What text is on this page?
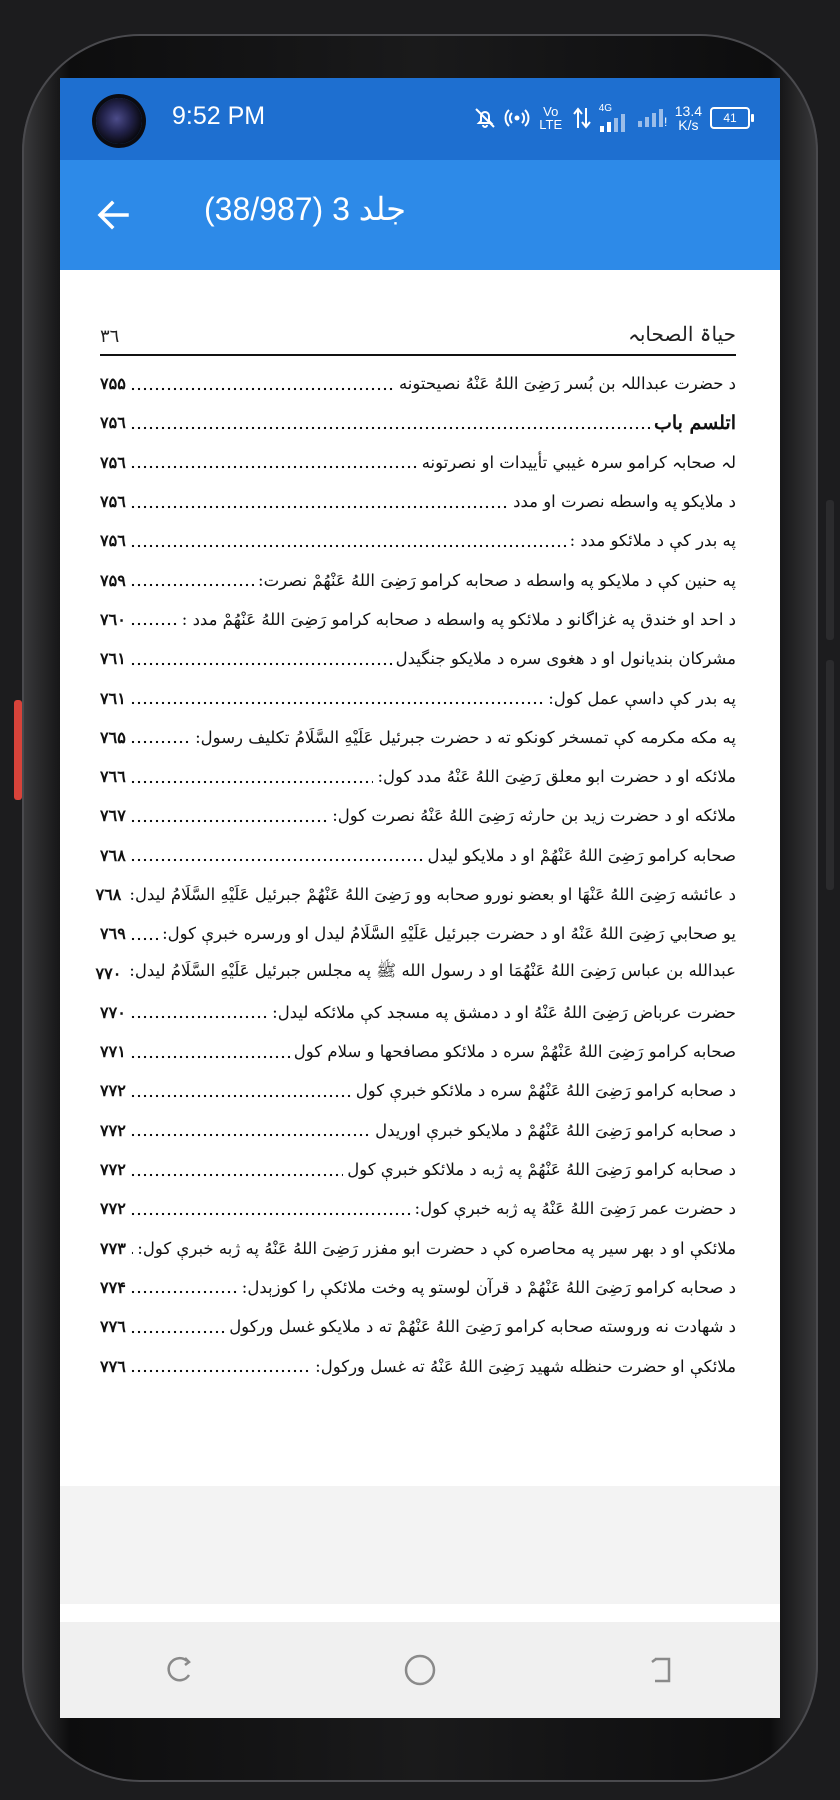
9:52 PM	Vo LTE
4G
!
13.4
K/s 41
جلد 3 (38/987)
٣٦	حیاۃ الصحابہ
د حضرت عبداللہ بن بُسر رَضِیَ اللهُ عَنْهُ نصيحتونه
۷۵۵
اتلسم باب
۷۵٦
لہ صحابہ کرامو سرہ غیبي تأییدات او نصرتونه
۷۵٦
د ملایکو په واسطه نصرت او مدد
۷۵٦
په بدر کې د ملائکو مدد :
۷۵٦
په حنین کې د ملایکو په واسطه د صحابه کرامو رَضِیَ اللهُ عَنْهُمْ نصرت:
۷۵۹
د احد او خندق په غزاگانو د ملائکو په واسطه د صحابه کرامو رَضِیَ اللهُ عَنْهُمْ مدد :
۷٦۰
مشرکان بندیانول او د هغوی سره د ملایکو جنگیدل
۷٦۱
په بدر کې داسې عمل کول:
۷٦۱
په مکه مکرمه کې تمسخر کونکو ته د حضرت جبرئیل عَلَیْهِ السَّلَامُ تکلیف رسول:
۷٦۵
ملائکه او د حضرت ابو معلق رَضِیَ اللهُ عَنْهُ مدد کول:
۷٦٦
ملائکه او د حضرت زید بن حارثه رَضِیَ اللهُ عَنْهُ نصرت کول:
۷٦۷
صحابه کرامو رَضِیَ اللهُ عَنْهُمْ او د ملایکو لیدل
۷٦۸
د عائشه رَضِیَ اللهُ عَنْهَا او بعضو نورو صحابه وو رَضِیَ اللهُ عَنْهُمْ جبرئیل عَلَیْهِ السَّلَامُ لیدل:
۷٦۸
یو صحابي رَضِیَ اللهُ عَنْهُ او د حضرت جبرئیل عَلَیْهِ السَّلَامُ لیدل او ورسره خبرې کول:
۷٦۹
عبدالله بن عباس رَضِیَ اللهُ عَنْهُمَا او د رسول الله ﷺ په مجلس جبرئیل عَلَیْهِ السَّلَامُ لیدل:
۷۷۰
حضرت عرباض رَضِیَ اللهُ عَنْهُ او د دمشق په مسجد کې ملائکه لیدل:
۷۷۰
صحابه کرامو رَضِیَ اللهُ عَنْهُمْ سره د ملائکو مصافحها و سلام کول
۷۷۱
د صحابه کرامو رَضِیَ اللهُ عَنْهُمْ سره د ملائکو خبرې کول
۷۷۲
د صحابه کرامو رَضِیَ اللهُ عَنْهُمْ د ملایکو خبرې اوریدل
۷۷۲
د صحابه کرامو رَضِیَ اللهُ عَنْهُمْ په ژبه د ملائکو خبرې کول
۷۷۲
د حضرت عمر رَضِیَ اللهُ عَنْهُ په ژبه خبرې کول:
۷۷۲
ملائکې او د بهر سیر په محاصره کې د حضرت ابو مفزر رَضِیَ اللهُ عَنْهُ په ژبه خبرې کول:
۷۷۳
د صحابه کرامو رَضِیَ اللهُ عَنْهُمْ د قرآن لوستو په وخت ملائکې را کوزېدل:
۷۷۴
د شهادت نه وروسته صحابه کرامو رَضِیَ اللهُ عَنْهُمْ ته د ملایکو غسل ورکول
۷۷٦
ملائکې او حضرت حنظله شهید رَضِیَ اللهُ عَنْهُ ته غسل ورکول:
۷۷٦
